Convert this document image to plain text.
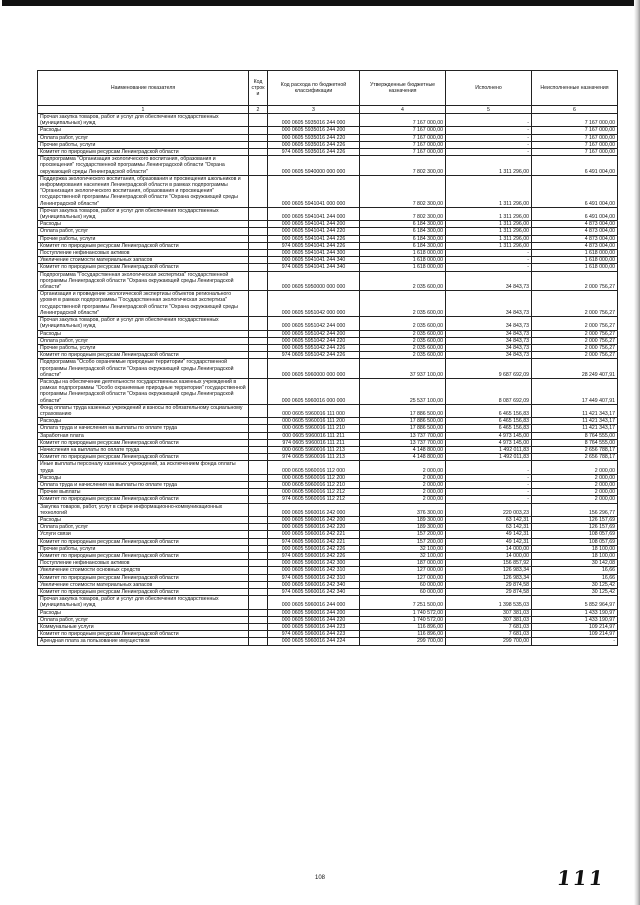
Наименование показателя	Код строк и	Код расхода по бюджетной классификации	Утвержденные бюджетные назначения	Исполнено	Неисполненные назначения
1	2	3	4	5	6
Прочая закупка товаров, работ и услуг для обеспечения государственных (муниципальных) нужд		000 0605 5935016 244 000	7 167 000,00	-	7 167 000,00
Расходы		000 0605 5935016 244 200	7 167 000,00	-	7 167 000,00
Оплата работ, услуг		000 0605 5935016 244 220	7 167 000,00	-	7 167 000,00
Прочие работы, услуги		000 0605 5935016 244 226	7 167 000,00	-	7 167 000,00
Комитет по природным ресурсам Ленинградской области		974 0605 5935016 244 226	7 167 000,00	-	7 167 000,00
Подпрограмма "Организация экологического воспитания, образования и просвещения" государственной программы Ленинградской области "Охрана окружающей среды Ленинградской области"		000 0605 5940000 000 000	7 802 300,00	1 311 296,00	6 491 004,00
Поддержка экологического воспитания, образования и просвещения школьников и информирования населения Ленинградской области в рамках подпрограммы "Организация экологического воспитания, образования и просвещения" государственной программы Ленинградской области "Охрана окружающей среды Ленинградской области"		000 0605 5941041 000 000	7 802 300,00	1 311 296,00	6 491 004,00
Прочая закупка товаров, работ и услуг для обеспечения государственных (муниципальных) нужд		000 0605 5941041 244 000	7 802 300,00	1 311 296,00	6 491 004,00
Расходы		000 0605 5941041 244 200	6 184 300,00	1 311 296,00	4 873 004,00
Оплата работ, услуг		000 0605 5941041 244 220	6 184 300,00	1 311 296,00	4 873 004,00
Прочие работы, услуги		000 0605 5941041 244 226	6 184 300,00	1 311 296,00	4 873 004,00
Комитет по природным ресурсам Ленинградской области		974 0605 5941041 244 226	6 184 300,00	1 311 296,00	4 873 004,00
Поступление нефинансовых активов		000 0605 5941041 244 300	1 618 000,00	-	1 618 000,00
Увеличение стоимости материальных запасов		000 0605 5941041 244 340	1 618 000,00	-	1 618 000,00
Комитет по природным ресурсам Ленинградской области		974 0605 5941041 244 340	1 618 000,00	-	1 618 000,00
Подпрограмма "Государственная экологическая экспертиза" государственной программы Ленинградской области "Охрана окружающей среды Ленинградской области"		000 0605 5950000 000 000	2 035 600,00	34 843,73	2 000 756,27
Организация и проведение экологической экспертизы объектов регионального уровня в рамках подпрограммы "Государственная экологическая экспертиза" государственной программы Ленинградской области "Охрана окружающей среды Ленинградской области"		000 0605 5951042 000 000	2 035 600,00	34 843,73	2 000 756,27
Прочая закупка товаров, работ и услуг для обеспечения государственных (муниципальных) нужд		000 0605 5951042 244 000	2 035 600,00	34 843,73	2 000 756,27
Расходы		000 0605 5951042 244 200	2 035 600,00	34 843,73	2 000 756,27
Оплата работ, услуг		000 0605 5951042 244 220	2 035 600,00	34 843,73	2 000 756,27
Прочие работы, услуги		000 0605 5951042 244 226	2 035 600,00	34 843,73	2 000 756,27
Комитет по природным ресурсам Ленинградской области		974 0605 5951042 244 226	2 035 600,00	34 843,73	2 000 756,27
Подпрограмма "Особо охраняемые природные территории" государственной программы Ленинградской области "Охрана окружающей среды Ленинградской области"		000 0605 5960000 000 000	37 937 100,00	9 687 692,09	28 249 407,91
Расходы на обеспечение деятельности государственных казенных учреждений в рамках подпрограммы "Особо охраняемые природные территории" государственной программы Ленинградской области "Охрана окружающей среды Ленинградской области"		000 0605 5960016 000 000	25 537 100,00	8 087 692,09	17 449 407,91
Фонд оплаты труда казенных учреждений и взносы по обязательному социальному страхованию		000 0605 5960016 111 000	17 886 500,00	6 465 156,83	11 421 343,17
Расходы		000 0605 5960016 111 200	17 886 500,00	6 465 156,83	11 421 343,17
Оплата труда и начисления на выплаты по оплате труда		000 0605 5960016 111 210	17 886 500,00	6 465 156,83	11 421 343,17
Заработная плата		000 0605 5960016 111 211	13 737 700,00	4 973 145,00	8 764 555,00
Комитет по природным ресурсам Ленинградской области		974 0605 5960016 111 211	13 737 700,00	4 973 145,00	8 764 555,00
Начисления на выплаты по оплате труда		000 0605 5960016 111 213	4 148 800,00	1 492 011,83	2 656 788,17
Комитет по природным ресурсам Ленинградской области		974 0605 5960016 111 213	4 148 800,00	1 492 011,83	2 656 788,17
Иные выплаты персоналу казенных учреждений, за исключением фонда оплаты труда		000 0605 5960016 112 000	2 000,00	-	2 000,00
Расходы		000 0605 5960016 112 200	2 000,00	-	2 000,00
Оплата труда и начисления на выплаты по оплате труда		000 0605 5960016 112 210	2 000,00	-	2 000,00
Прочие выплаты		000 0605 5960016 112 212	2 000,00	-	2 000,00
Комитет по природным ресурсам Ленинградской области		974 0605 5960016 112 212	2 000,00	-	2 000,00
Закупка товаров, работ, услуг в сфере информационно-коммуникационных технологий		000 0605 5960016 242 000	376 300,00	220 003,23	156 296,77
Расходы		000 0605 5960016 242 200	189 300,00	63 142,31	126 157,69
Оплата работ, услуг		000 0605 5960016 242 220	189 300,00	63 142,31	126 157,69
Услуги связи		000 0605 5960016 242 221	157 200,00	49 142,31	108 057,69
Комитет по природным ресурсам Ленинградской области		974 0605 5960016 242 221	157 200,00	49 142,31	108 057,69
Прочие работы, услуги		000 0605 5960016 242 226	32 100,00	14 000,00	18 100,00
Комитет по природным ресурсам Ленинградской области		974 0605 5960016 242 226	32 100,00	14 000,00	18 100,00
Поступление нефинансовых активов		000 0605 5960016 242 300	187 000,00	156 857,92	30 142,08
Увеличение стоимости основных средств		000 0605 5960016 242 310	127 000,00	126 983,34	16,66
Комитет по природным ресурсам Ленинградской области		974 0605 5960016 242 310	127 000,00	126 983,34	16,66
Увеличение стоимости материальных запасов		000 0605 5960016 242 340	60 000,00	29 874,58	30 125,42
Комитет по природным ресурсам Ленинградской области		974 0605 5960016 242 340	60 000,00	29 874,58	30 125,42
Прочая закупка товаров, работ и услуг для обеспечения государственных (муниципальных) нужд		000 0605 5960016 244 000	7 251 500,00	1 398 535,03	5 852 964,97
Расходы		000 0605 5960016 244 200	1 740 572,00	307 381,03	1 433 190,97
Оплата работ, услуг		000 0605 5960016 244 220	1 740 572,00	307 381,03	1 433 190,97
Коммунальные услуги		000 0605 5960016 244 223	116 896,00	7 681,03	109 214,97
Комитет по природным ресурсам Ленинградской области		974 0605 5960016 244 223	116 896,00	7 681,03	109 214,97
Арендная плата за пользование имуществом		000 0605 5960016 244 224	299 700,00	299 700,00	-
108	111
